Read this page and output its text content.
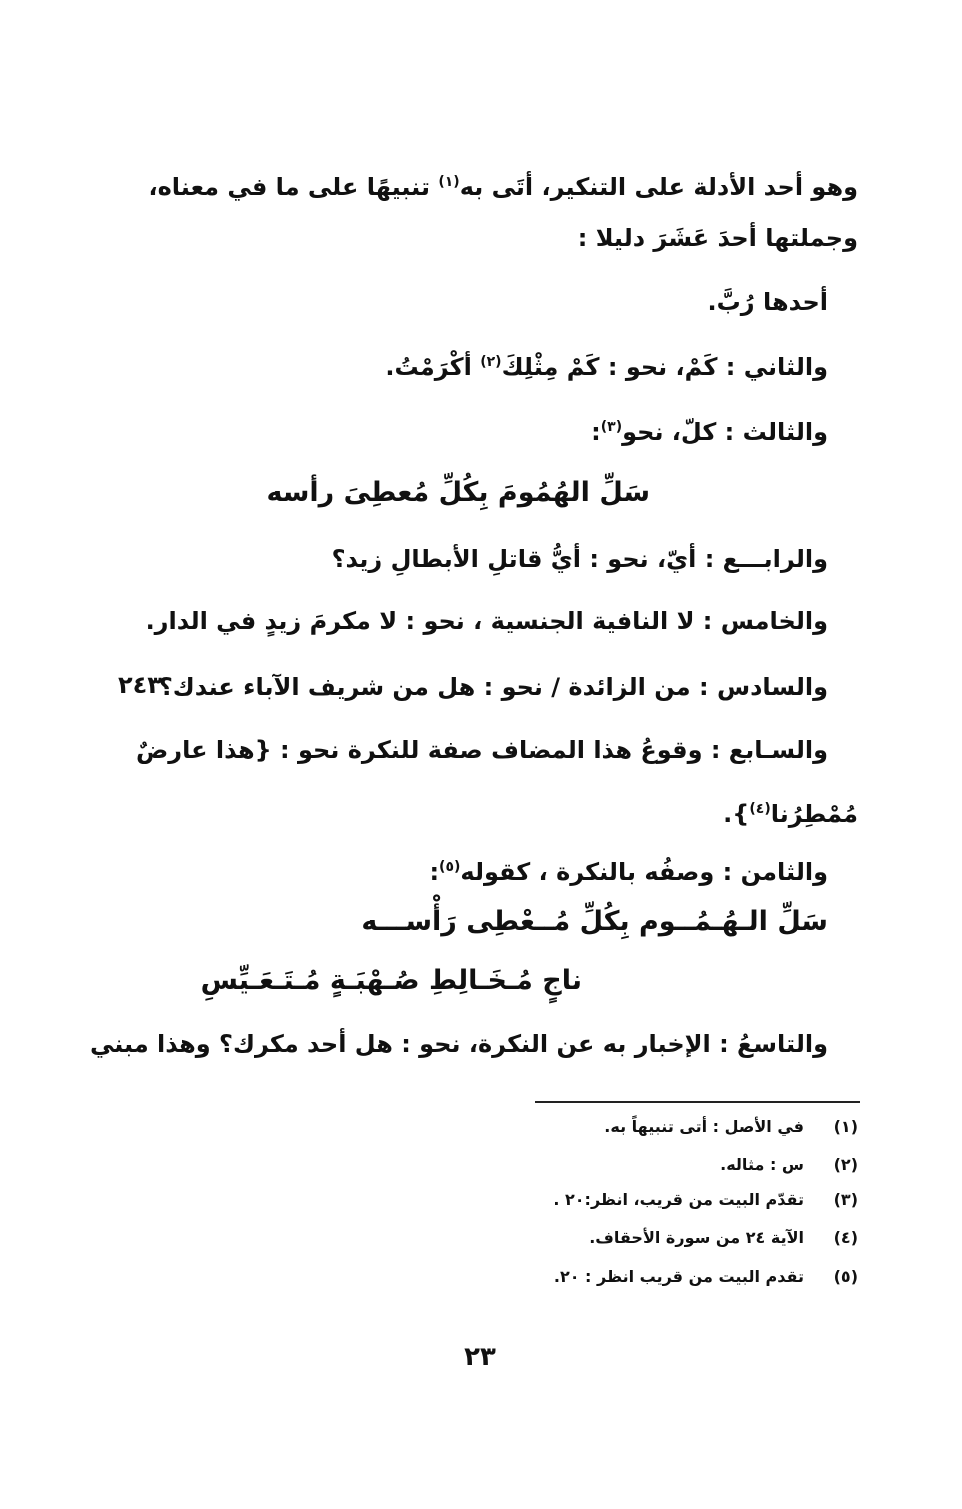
وهو أحد الأدلة على التنكير، أتَى به$^{(١)}$ تنبيهًا على ما في معناه،
وجملتها أحدَ عَشَرَ دليلا :
أحدها رُبَّ.
والثاني : كَمْ، نحو : كَمْ مِثْلِكَ$^{(٢)}$ أكْرَمْتُ.
والثالث : كلّ، نحو$^{(٣)}$:
سَلِّ الهُمُومَ بِكُلِّ مُعطِىَ رأسه
والرابـــع : أيّ، نحو : أيُّ قاتلِ الأبطالِ زيد؟
والخامس : لا النافية الجنسية ، نحو : لا مكرمَ زيدٍ في الدار.
والسادس : من الزائدة / نحو : هل من شريف الآباء عندك؟
٢٤٣
والسـابع : وقوعُ هذا المضاف صفة للنكرة نحو : {هذا عارضٌ
مُمْطِرُنا$^{(٤)}$}.
والثامن : وصفُه بالنكرة ، كقوله$^{(٥)}$:
سَلِّ الـهُـمُــوم بِكُلِّ مُــعْطِى رَأْســـه
ناجٍ مُـخَـالِطِ صُـهْبَـةٍ مُـتَـعَـيِّسِ
والتاسعُ : الإخبار به عن النكرة، نحو : هل أحد مكرك؟ وهذا مبني
(١)في الأصل : أتى تنبيهاً به.
(٢)س : مثاله.
(٣)تقدّم البيت من قريب، انظر:٢٠ .
(٤)الآية ٢٤ من سورة الأحقاف.
(٥)تقدم البيت من قريب انظر : ٢٠.
٢٣
